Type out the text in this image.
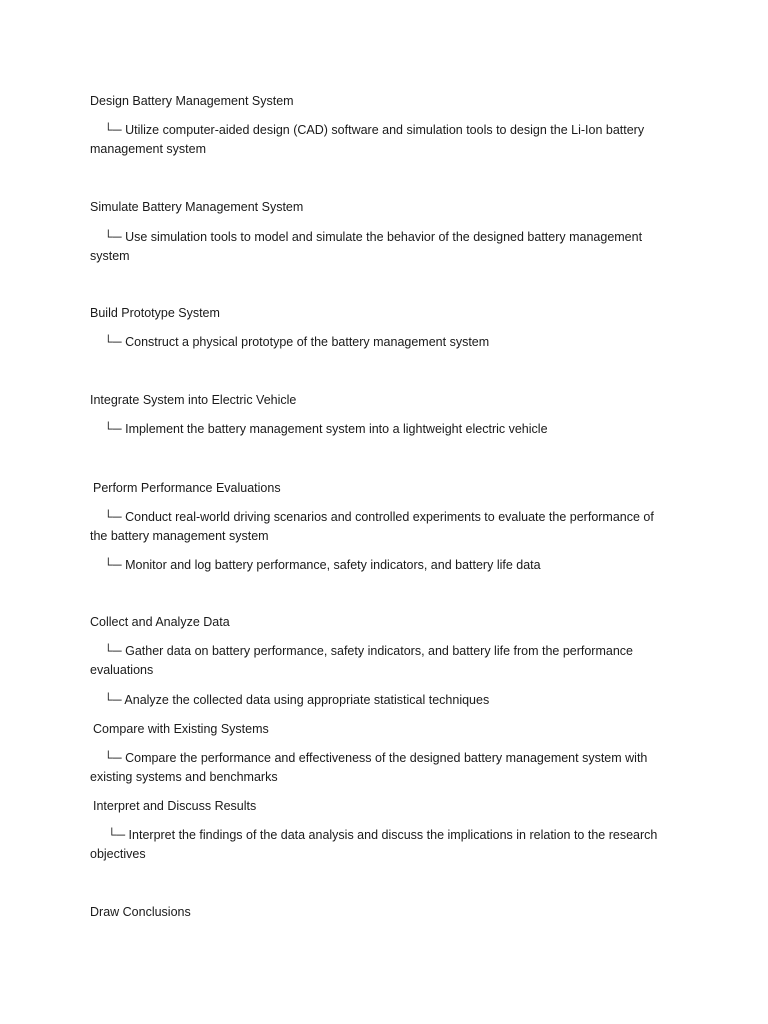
Design Battery Management System

└─ Utilize computer-aided design (CAD) software and simulation tools to design the Li-Ion battery management system

Simulate Battery Management System

└─ Use simulation tools to model and simulate the behavior of the designed battery management system

Build Prototype System

└─ Construct a physical prototype of the battery management system

Integrate System into Electric Vehicle

└─ Implement the battery management system into a lightweight electric vehicle

Perform Performance Evaluations

└─ Conduct real-world driving scenarios and controlled experiments to evaluate the performance of the battery management system

└─ Monitor and log battery performance, safety indicators, and battery life data

Collect and Analyze Data

└─ Gather data on battery performance, safety indicators, and battery life from the performance evaluations

└─ Analyze the collected data using appropriate statistical techniques

Compare with Existing Systems

└─ Compare the performance and effectiveness of the designed battery management system with existing systems and benchmarks

Interpret and Discuss Results

└─ Interpret the findings of the data analysis and discuss the implications in relation to the research objectives

Draw Conclusions
